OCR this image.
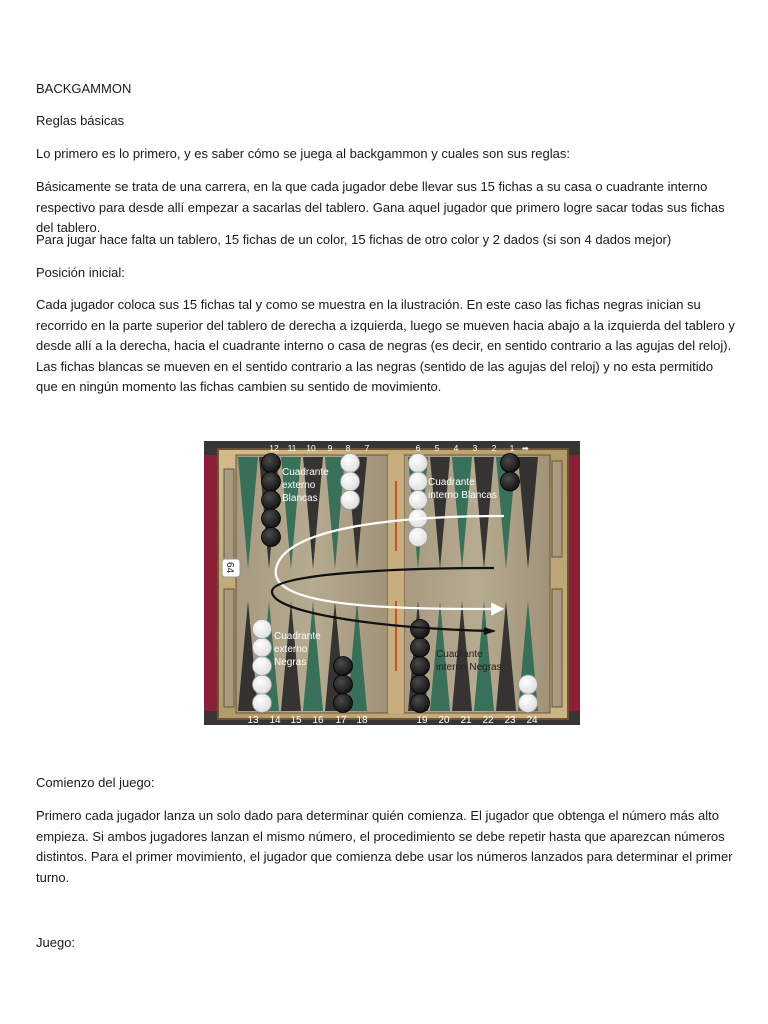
BACKGAMMON

Reglas básicas

Lo primero es lo primero, y es saber cómo se juega al backgammon y cuales son sus reglas:

Básicamente se trata de una carrera, en la que cada jugador debe llevar sus 15 fichas a su casa o cuadrante interno respectivo para desde allí empezar a sacarlas del tablero. Gana aquel jugador que primero logre sacar todas sus fichas del tablero.

Para jugar hace falta un tablero, 15 fichas de un color, 15 fichas de otro color y 2 dados (si son 4 dados mejor)

Posición inicial:

Cada jugador coloca sus 15 fichas tal y como se muestra en la ilustración. En este caso las fichas negras inician su recorrido en la parte superior del tablero de derecha a izquierda, luego se mueven hacia abajo a la izquierda del tablero y desde allí a la derecha, hacia el cuadrante interno o casa de negras (es decir, en sentido contrario a las agujas del reloj). Las fichas blancas se mueven en el sentido contrario a las negras (sentido de las agujas del reloj) y no esta permitido que en ningún momento las fichas cambien su sentido de movimiento.

Comienzo del juego:

Primero cada jugador lanza un solo dado para determinar quién comienza. El jugador que obtenga el número más alto empieza. Si ambos jugadores lanzan el mismo número, el procedimiento se debe repetir hasta que aparezcan números distintos. Para el primer movimiento, el jugador que comienza debe usar los números lanzados para determinar el primer turno.

Juego:

64
Cuadrante
externo
Blancas
Cuadrante
interno Blancas
Cuadrante
externo
Negras
Cuadrante
interno Negras
12 11 10 9 8 7	6 5 4 3 2 1 ➡
13 14 15 16 17 18	19 20 21 22 23 24
